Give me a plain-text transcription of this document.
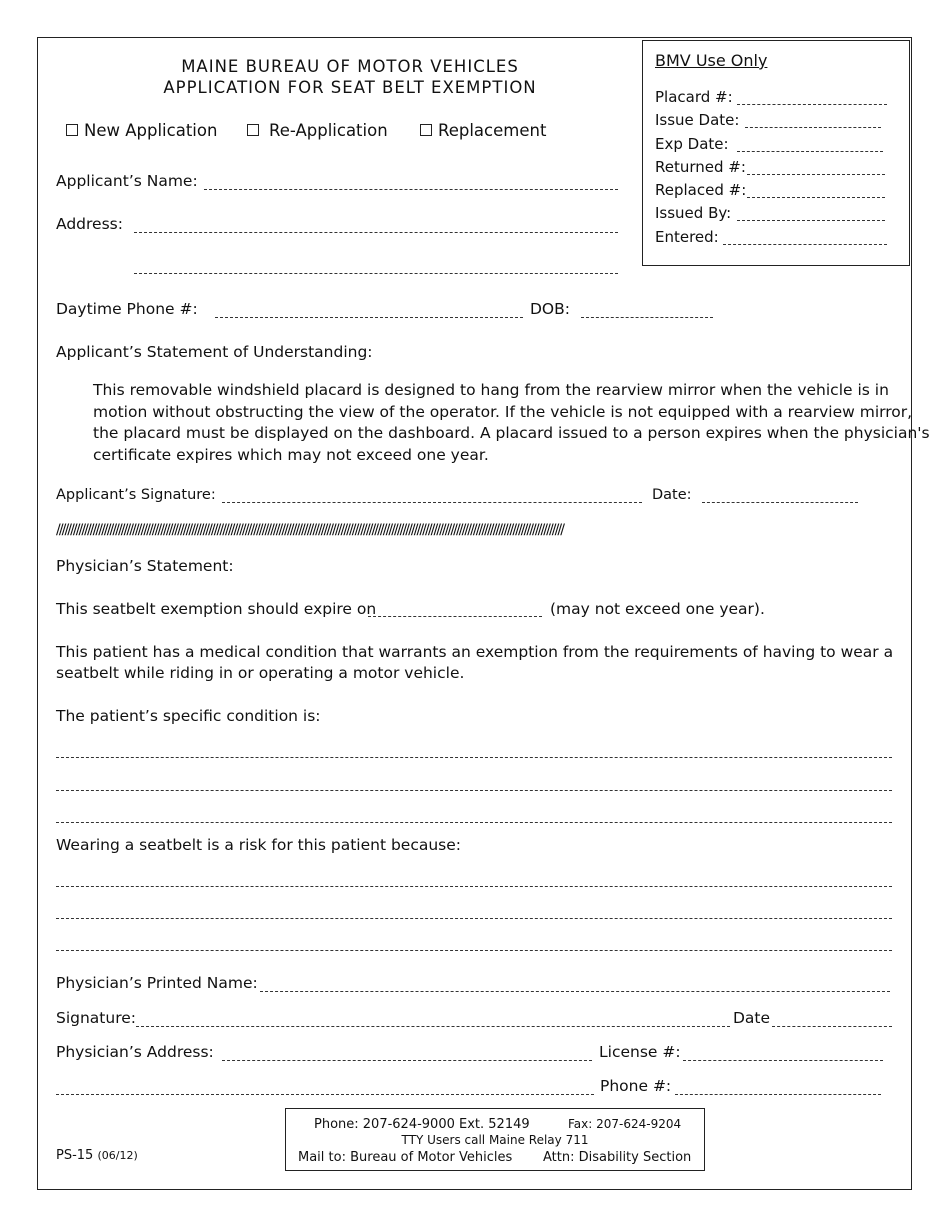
MAINE BUREAU OF MOTOR VEHICLES
APPLICATION FOR SEAT BELT EXEMPTION
New Application	Re-Application	Replacement
BMV Use Only
Placard #:
Issue Date:
Exp Date:
Returned #:
Replaced #:
Issued By:
Entered:
Applicant’s Name:
Address:
Daytime Phone #:	DOB:
Applicant’s Statement of Understanding:

This removable windshield placard is designed to hang from the rearview mirror when the vehicle is in

motion without obstructing the view of the operator. If the vehicle is not equipped with a rearview mirror,

the placard must be displayed on the dashboard. A placard issued to a person expires when the physician's

certificate expires which may not exceed one year.

Applicant’s Signature:	Date:
////////////////////////////////////////////////////////////////////////////////////////////////////////////////////////////////////////////////////////////////////////////////////
Physician’s Statement:
This seatbelt exemption should expire on	(may not exceed one year).
This patient has a medical condition that warrants an exemption from the requirements of having to wear a
seatbelt while riding in or operating a motor vehicle.
The patient’s specific condition is:
Wearing a seatbelt is a risk for this patient because:
Physician’s Printed Name:
Signature:	Date
Physician’s Address:	License #:
Phone #:
PS-15 (06/12)
Phone: 207-624-9000 Ext. 52149	Fax: 207-624-9204
TTY Users call Maine Relay 711
Mail to: Bureau of Motor Vehicles Attn: Disability Section
